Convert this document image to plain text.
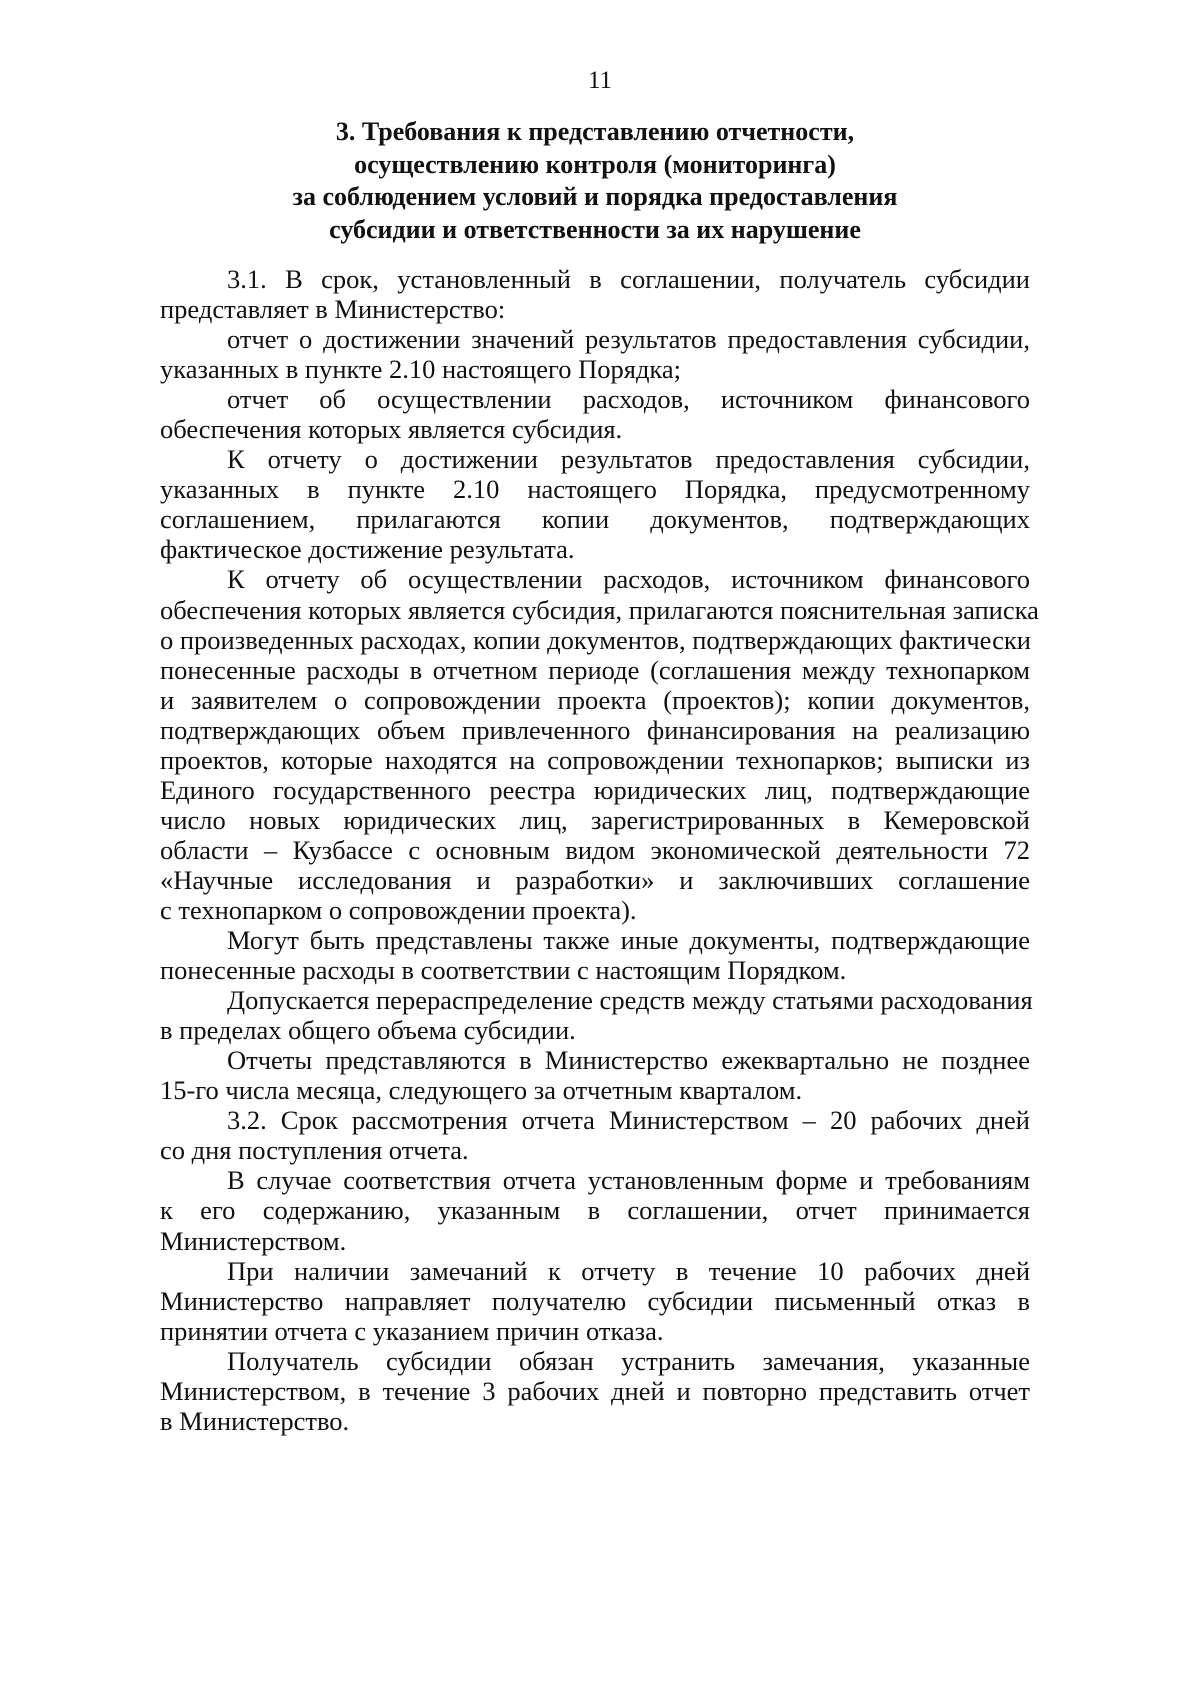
11
3. Требования к представлению отчетности,
осуществлению контроля (мониторинга)
за соблюдением условий и порядка предоставления
субсидии и ответственности за их нарушение
3.1. В срок, установленный в соглашении, получатель субсидии
представляет в Министерство:
отчет о достижении значений результатов предоставления субсидии,
указанных в пункте 2.10 настоящего Порядка;
отчет об осуществлении расходов, источником финансового
обеспечения которых является субсидия.
К отчету о достижении результатов предоставления субсидии,
указанных в пункте 2.10 настоящего Порядка, предусмотренному
соглашением, прилагаются копии документов, подтверждающих
фактическое достижение результата.
К отчету об осуществлении расходов, источником финансового
обеспечения которых является субсидия, прилагаются пояснительная записка
о произведенных расходах, копии документов, подтверждающих фактически
понесенные расходы в отчетном периоде (соглашения между технопарком
и заявителем о сопровождении проекта (проектов); копии документов,
подтверждающих объем привлеченного финансирования на реализацию
проектов, которые находятся на сопровождении технопарков; выписки из
Единого государственного реестра юридических лиц, подтверждающие
число новых юридических лиц, зарегистрированных в Кемеровской
области – Кузбассе с основным видом экономической деятельности 72
«Научные исследования и разработки» и заключивших соглашение
с технопарком о сопровождении проекта).
Могут быть представлены также иные документы, подтверждающие
понесенные расходы в соответствии с настоящим Порядком.
Допускается перераспределение средств между статьями расходования
в пределах общего объема субсидии.
Отчеты представляются в Министерство ежеквартально не позднее
15-го числа месяца, следующего за отчетным кварталом.
3.2. Срок рассмотрения отчета Министерством – 20 рабочих дней
со дня поступления отчета.
В случае соответствия отчета установленным форме и требованиям
к его содержанию, указанным в соглашении, отчет принимается
Министерством.
При наличии замечаний к отчету в течение 10 рабочих дней
Министерство направляет получателю субсидии письменный отказ в
принятии отчета с указанием причин отказа.
Получатель субсидии обязан устранить замечания, указанные
Министерством, в течение 3 рабочих дней и повторно представить отчет
в Министерство.
